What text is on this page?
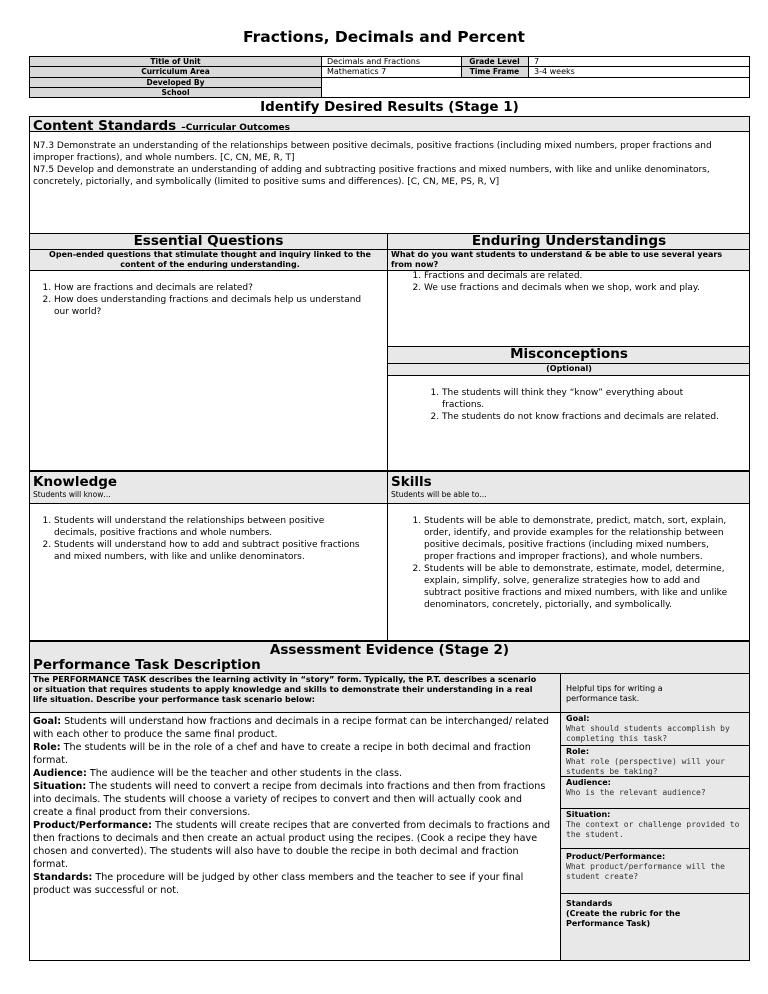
Fractions, Decimals and Percent
Title of Unit
Curriculum Area
Developed By
School
Decimals and Fractions
Mathematics 7
Grade Level
Time Frame
7
3-4 weeks
Identify Desired Results (Stage 1)
Content Standards –Curricular Outcomes
N7.3 Demonstrate an understanding of the relationships between positive decimals, positive fractions (including mixed numbers, proper fractions and improper fractions), and whole numbers. [C, CN, ME, R, T]
N7.5 Develop and demonstrate an understanding of adding and subtracting positive fractions and mixed numbers, with like and unlike denominators, concretely, pictorially, and symbolically (limited to positive sums and differences). [C, CN, ME, PS, R, V]
Essential Questions
Open-ended questions that stimulate thought and inquiry linked to the content of the enduring understanding.
1. How are fractions and decimals are related?
2. How does understanding fractions and decimals help us understand our world?
Enduring Understandings
What do you want students to understand & be able to use several years from now?
1. Fractions and decimals are related.
2. We use fractions and decimals when we shop, work and play.
Misconceptions
(Optional)
1. The students will think they “know” everything about fractions.
2. The students do not know fractions and decimals are related.
Knowledge
Students will know…
1. Students will understand the relationships between positive decimals, positive fractions and whole numbers.
2. Students will understand how to add and subtract positive fractions and mixed numbers, with like and unlike denominators.
Skills
Students will be able to…
1. Students will be able to demonstrate, predict, match, sort, explain, order, identify, and provide examples for the relationship between positive decimals, positive fractions (including mixed numbers, proper fractions and improper fractions), and whole numbers.
2. Students will be able to demonstrate, estimate, model, determine, explain, simplify, solve, generalize strategies how to add and subtract positive fractions and mixed numbers, with like and unlike denominators, concretely, pictorially, and symbolically.
Assessment Evidence (Stage 2)
Performance Task Description
The PERFORMANCE TASK describes the learning activity in “story” form. Typically, the P.T. describes a scenario or situation that requires students to apply knowledge and skills to demonstrate their understanding in a real life situation. Describe your performance task scenario below:
Helpful tips for writing a performance task.
Goal: Students will understand how fractions and decimals in a recipe format can be interchanged/ related with each other to produce the same final product.
Role: The students will be in the role of a chef and have to create a recipe in both decimal and fraction format.
Audience: The audience will be the teacher and other students in the class.
Situation: The students will need to convert a recipe from decimals into fractions and then from fractions into decimals. The students will choose a variety of recipes to convert and then will actually cook and create a final product from their conversions.
Product/Performance: The students will create recipes that are converted from decimals to fractions and then fractions to decimals and then create an actual product using the recipes. (Cook a recipe they have chosen and converted). The students will also have to double the recipe in both decimal and fraction format.
Standards: The procedure will be judged by other class members and the teacher to see if your final product was successful or not.
Goal:
What should students accomplish by completing this task?
Role:
What role (perspective) will your students be taking?
Audience:
Who is the relevant audience?
Situation:
The context or challenge provided to the student.
Product/Performance:
What product/performance will the student create?
Standards
(Create the rubric for the Performance Task)
